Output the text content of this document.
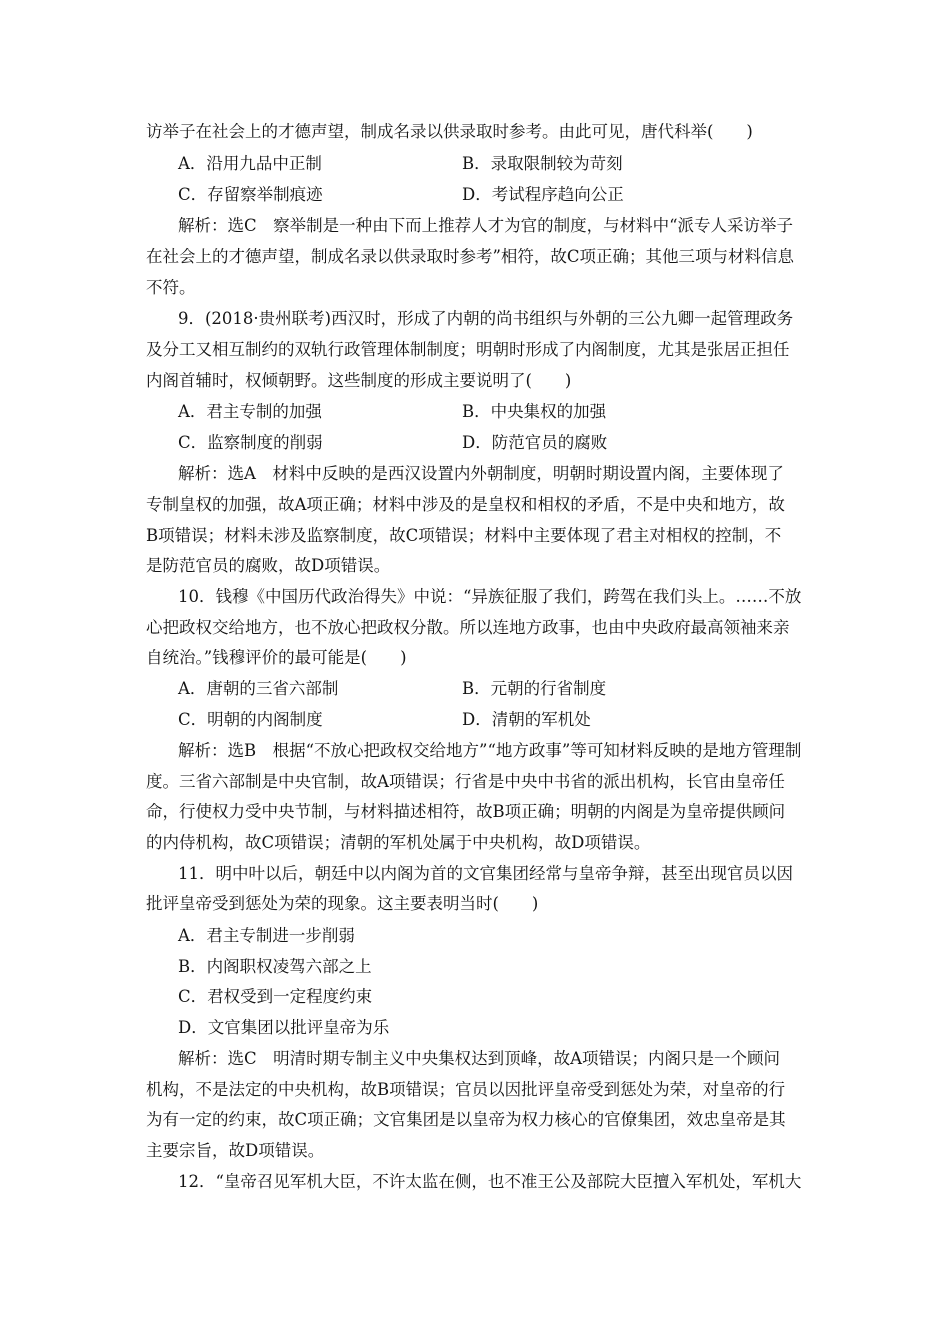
访举子在社会上的才德声望，制成名录以供录取时参考。由此可见，唐代科举(　　)
A．沿用九品中正制	B．录取限制较为苛刻
C．存留察举制痕迹	D．考试程序趋向公正
解析：选C　察举制是一种由下而上推荐人才为官的制度，与材料中“派专人采访举子
在社会上的才德声望，制成名录以供录取时参考”相符，故C项正确；其他三项与材料信息
不符。
9．(2018·贵州联考)西汉时，形成了内朝的尚书组织与外朝的三公九卿一起管理政务
及分工又相互制约的双轨行政管理体制制度；明朝时形成了内阁制度，尤其是张居正担任
内阁首辅时，权倾朝野。这些制度的形成主要说明了(　　)
A．君主专制的加强	B．中央集权的加强
C．监察制度的削弱	D．防范官员的腐败
解析：选A　材料中反映的是西汉设置内外朝制度，明朝时期设置内阁，主要体现了
专制皇权的加强，故A项正确；材料中涉及的是皇权和相权的矛盾，不是中央和地方，故
B项错误；材料未涉及监察制度，故C项错误；材料中主要体现了君主对相权的控制，不
是防范官员的腐败，故D项错误。
10．钱穆《中国历代政治得失》中说：“异族征服了我们，跨驾在我们头上。……不放
心把政权交给地方，也不放心把政权分散。所以连地方政事，也由中央政府最高领袖来亲
自统治。”钱穆评价的最可能是(　　)
A．唐朝的三省六部制	B．元朝的行省制度
C．明朝的内阁制度	D．清朝的军机处
解析：选B　根据“不放心把政权交给地方”“地方政事”等可知材料反映的是地方管理制
度。三省六部制是中央官制，故A项错误；行省是中央中书省的派出机构，长官由皇帝任
命，行使权力受中央节制，与材料描述相符，故B项正确；明朝的内阁是为皇帝提供顾问
的内侍机构，故C项错误；清朝的军机处属于中央机构，故D项错误。
11．明中叶以后，朝廷中以内阁为首的文官集团经常与皇帝争辩，甚至出现官员以因
批评皇帝受到惩处为荣的现象。这主要表明当时(　　)
A．君主专制进一步削弱
B．内阁职权凌驾六部之上
C．君权受到一定程度约束
D．文官集团以批评皇帝为乐
解析：选C　明清时期专制主义中央集权达到顶峰，故A项错误；内阁只是一个顾问
机构，不是法定的中央机构，故B项错误；官员以因批评皇帝受到惩处为荣，对皇帝的行
为有一定的约束，故C项正确；文官集团是以皇帝为权力核心的官僚集团，效忠皇帝是其
主要宗旨，故D项错误。
12．“皇帝召见军机大臣，不许太监在侧，也不准王公及部院大臣擅入军机处，军机大
